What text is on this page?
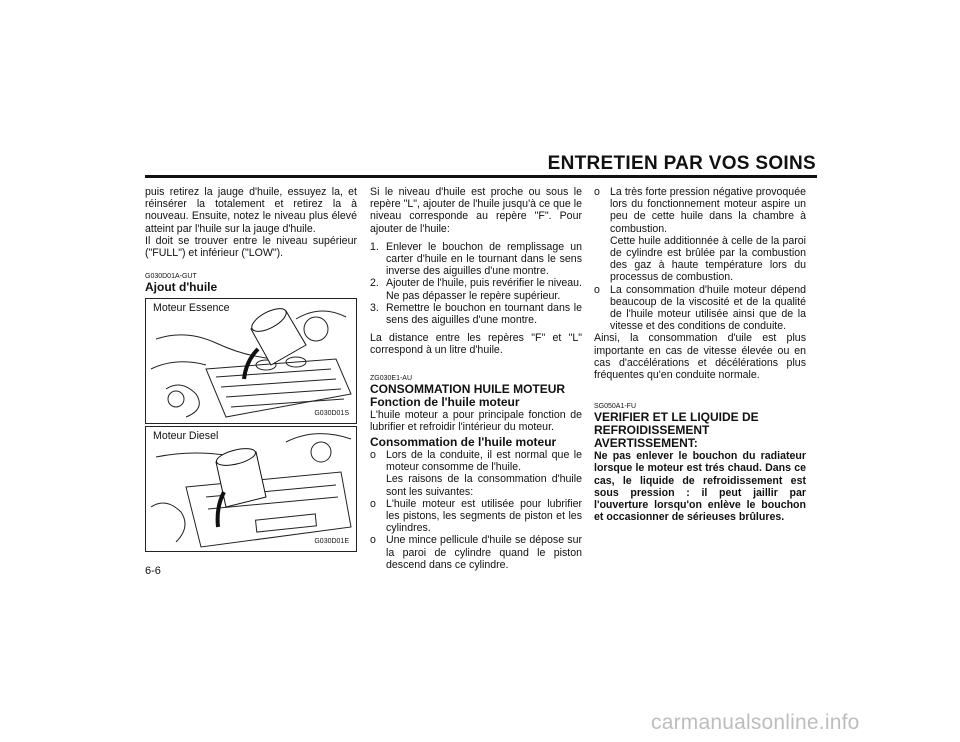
ENTRETIEN PAR VOS SOINS

puis retirez la jauge d'huile, essuyez la, et réinsérer la totalement et retirez la à nouveau. Ensuite, notez le niveau plus élevé atteint par l'huile sur la jauge d'huile.

Il doit se trouver entre le niveau supérieur ("FULL") et inférieur ("LOW").

G030D01A-GUT
Ajout d'huile
Moteur Essence
G030D01S
Moteur Diesel
G030D01E

Si le niveau d'huile est proche ou sous le repère "L", ajouter de l'huile jusqu'à ce que le niveau corresponde au repère "F". Pour ajouter de l'huile:

1. Enlever le bouchon de remplissage un carter d'huile en le tournant dans le sens inverse des aiguilles d'une montre.
2. Ajouter de l'huile, puis revérifier le niveau. Ne pas dépasser le repère supérieur.
3. Remettre le bouchon en tournant dans le sens des aiguilles d'une montre.

La distance entre les repères "F" et "L" correspond à un litre d'huile.

ZG030E1-AU
CONSOMMATION HUILE MOTEUR
Fonction de l'huile moteur

L'huile moteur a pour principale fonction de lubrifier et refroidir l'intérieur du moteur.

Consommation de l'huile moteur
o Lors de la conduite, il est normal que le moteur consomme de l'huile.
Les raisons de la consommation d'huile sont les suivantes:
o L'huile moteur est utilisée pour lubrifier les pistons, les segments de piston et les cylindres.
o Une mince pellicule d'huile se dépose sur la paroi de cylindre quand le piston descend dans ce cylindre.
o La très forte pression négative provoquée lors du fonctionnement moteur aspire un peu de cette huile dans la chambre à combustion.
Cette huile additionnée à celle de la paroi de cylindre est brûlée par la combustion des gaz à haute température lors du processus de combustion.
o La consommation d'huile moteur dépend beaucoup de la viscosité et de la qualité de l'huile moteur utilisée ainsi que de la vitesse et des conditions de conduite.

Ainsi, la consommation d'uile est plus importante en cas de vitesse élevée ou en cas d'accélérations et décélérations plus fréquentes qu'en conduite normale.

SG050A1-FU
VERIFIER ET LE LIQUIDE DE REFROIDISSEMENT
AVERTISSEMENT:

Ne pas enlever le bouchon du radiateur lorsque le moteur est trés chaud. Dans ce cas, le liquide de refroidissement est sous pression : il peut jaillir par l'ouverture lorsqu'on enlève le bouchon et occasionner de sérieuses brûlures.

6-6
carmanualsonline.info
